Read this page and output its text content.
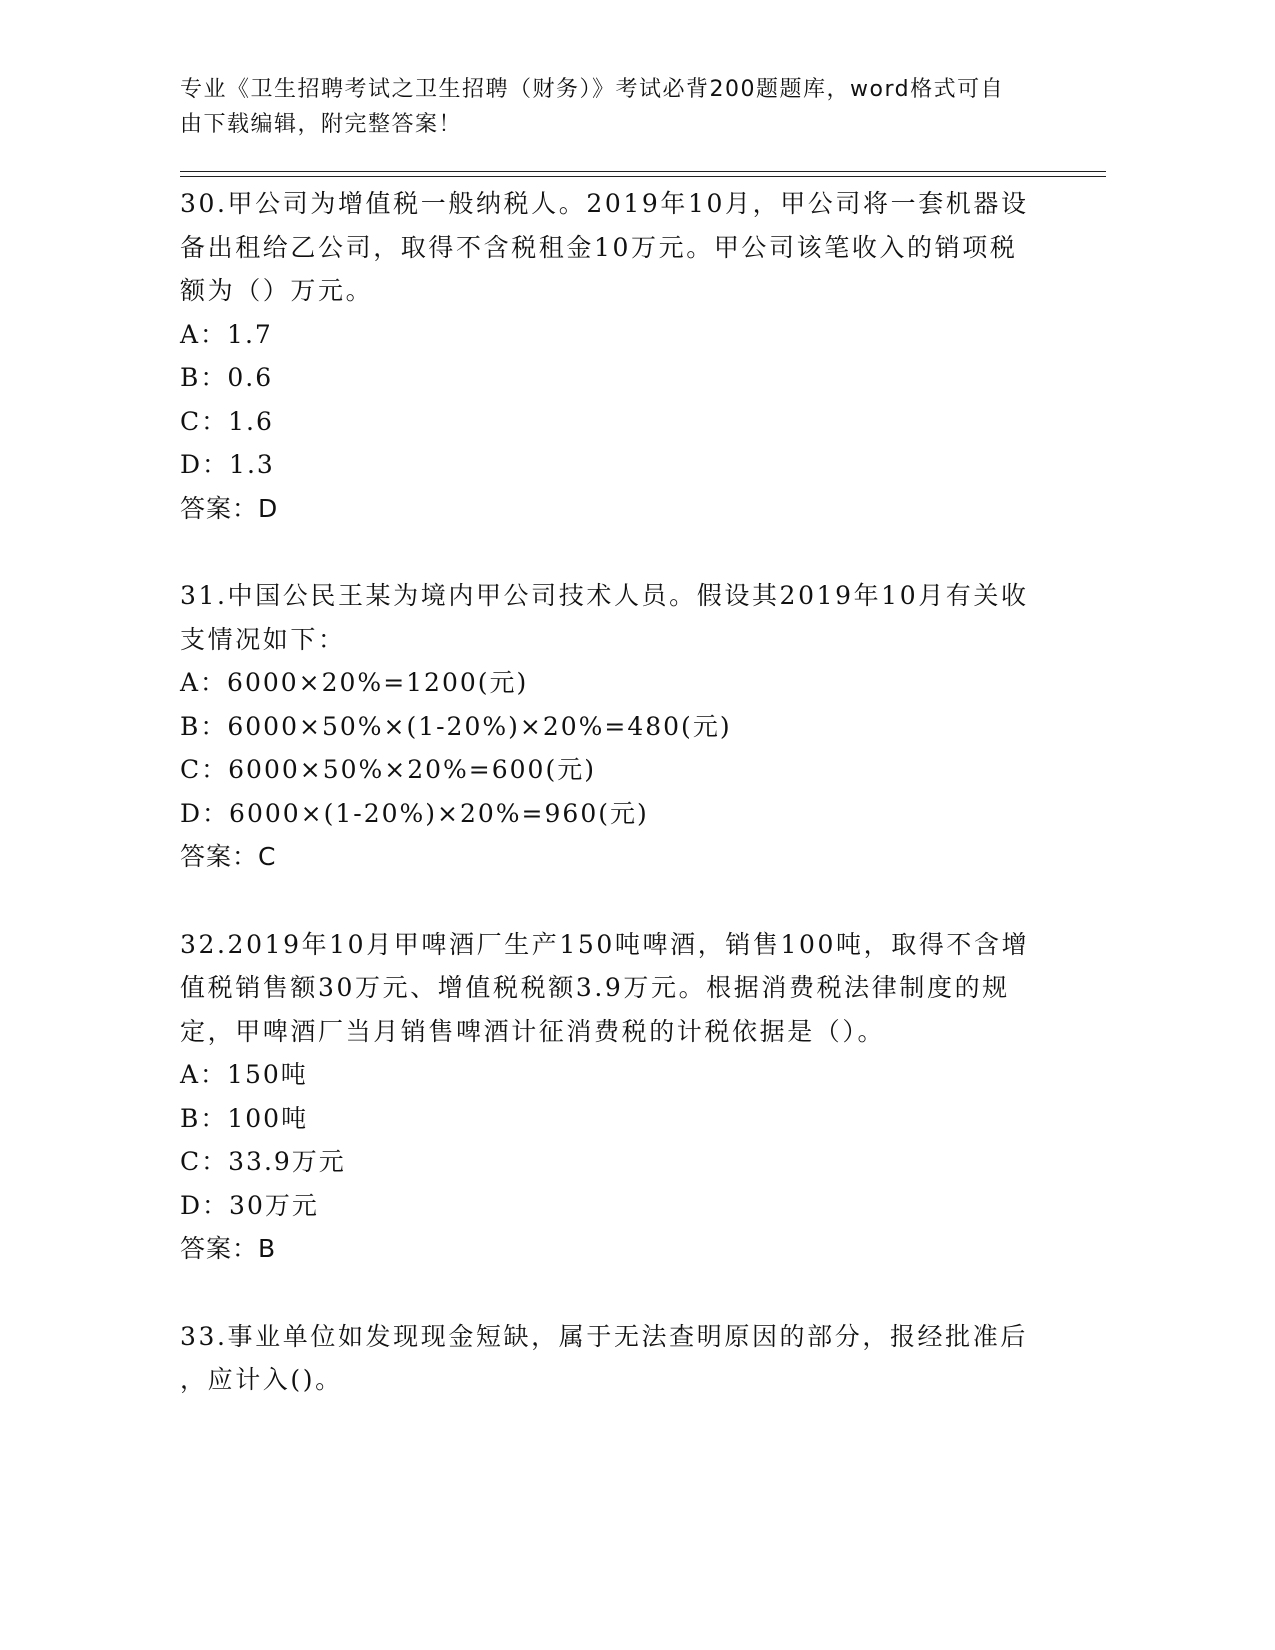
专业《卫生招聘考试之卫生招聘（财务）》考试必背200题题库，word格式可自
由下载编辑，附完整答案！

30.甲公司为增值税一般纳税人。2019年10月，甲公司将一套机器设

备出租给乙公司，取得不含税租金10万元。甲公司该笔收入的销项税

额为（）万元。

A：1.7

B：0.6

C：1.6

D：1.3

答案：D

31.中国公民王某为境内甲公司技术人员。假设其2019年10月有关收

支情况如下：

A：6000×20%=1200(元)

B：6000×50%×(1-20%)×20%=480(元)

C：6000×50%×20%=600(元)

D：6000×(1-20%)×20%=960(元)

答案：C

32.2019年10月甲啤酒厂生产150吨啤酒，销售100吨，取得不含增

值税销售额30万元、增值税税额3.9万元。根据消费税法律制度的规

定，甲啤酒厂当月销售啤酒计征消费税的计税依据是（）。

A：150吨

B：100吨

C：33.9万元

D：30万元

答案：B

33.事业单位如发现现金短缺，属于无法查明原因的部分，报经批准后

，应计入()。
